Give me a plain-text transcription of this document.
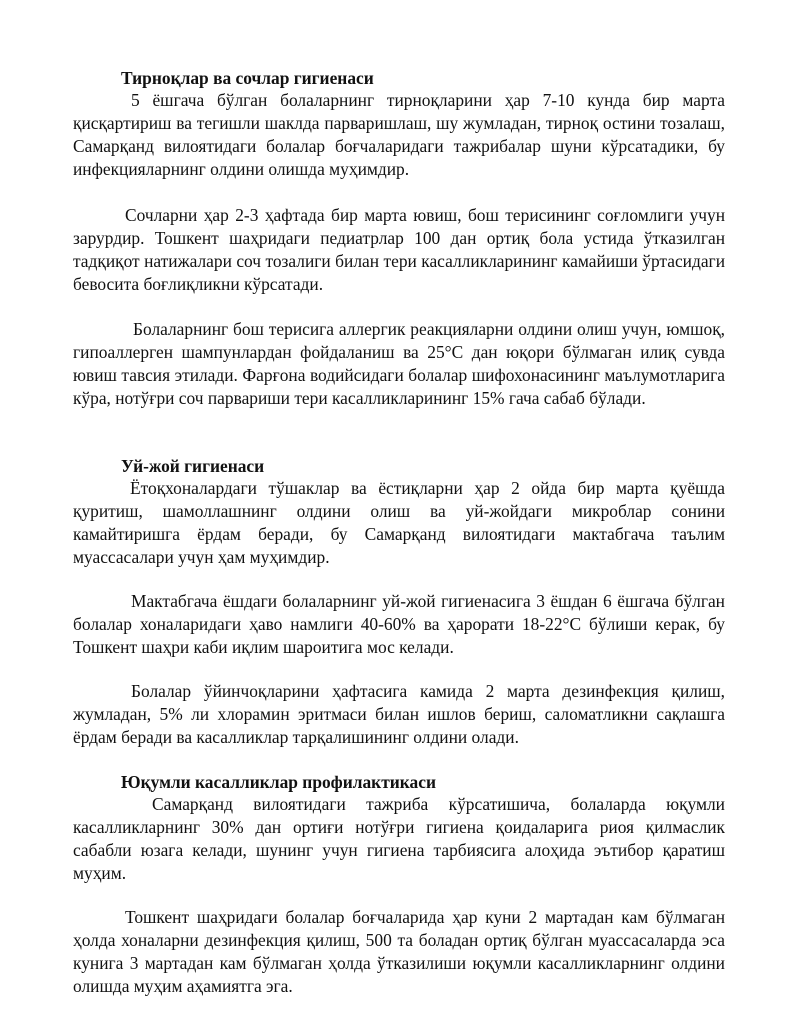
Тирноқлар ва сочлар гигиенаси

5 ёшгача бўлган болаларнинг тирноқларини ҳар 7-10 кунда бир марта қисқартириш ва тегишли шаклда парваришлаш, шу жумладан, тирноқ остини тозалаш, Самарқанд вилоятидаги болалар боғчаларидаги тажрибалар шуни кўрсатадики, бу инфекцияларнинг олдини олишда муҳимдир.

Сочларни ҳар 2-3 ҳафтада бир марта ювиш, бош терисининг соғломлиги учун зарурдир. Тошкент шаҳридаги педиатрлар 100 дан ортиқ бола устида ўтказилган тадқиқот натижалари соч тозалиги билан тери касалликларининг камайиши ўртасидаги бевосита боғлиқликни кўрсатади.

Болаларнинг бош терисига аллергик реакцияларни олдини олиш учун, юмшоқ, гипоаллерген шампунлардан фойдаланиш ва 25°C дан юқори бўлмаган илиқ сувда ювиш тавсия этилади. Фарғона водийсидаги болалар шифохонасининг маълумотларига кўра, нотўғри соч парвариши тери касалликларининг 15% гача сабаб бўлади.

Уй-жой гигиенаси

Ётоқхоналардаги тўшаклар ва ёстиқларни ҳар 2 ойда бир марта қуёшда қуритиш, шамоллашнинг олдини олиш ва уй-жойдаги микроблар сонини камайтиришга ёрдам беради, бу Самарқанд вилоятидаги мактабгача таълим муассасалари учун ҳам муҳимдир.

Мактабгача ёшдаги болаларнинг уй-жой гигиенасига 3 ёшдан 6 ёшгача бўлган болалар хоналаридаги ҳаво намлиги 40-60% ва ҳарорати 18-22°C бўлиши керак, бу Тошкент шаҳри каби иқлим шароитига мос келади.

Болалар ўйинчоқларини ҳафтасига камида 2 марта дезинфекция қилиш, жумладан, 5% ли хлорамин эритмаси билан ишлов бериш, саломатликни сақлашга ёрдам беради ва касалликлар тарқалишининг олдини олади.

Юқумли касалликлар профилактикаси

Самарқанд вилоятидаги тажриба кўрсатишича, болаларда юқумли касалликларнинг 30% дан ортиғи нотўғри гигиена қоидаларига риоя қилмаслик сабабли юзага келади, шунинг учун гигиена тарбиясига алоҳида эътибор қаратиш муҳим.

Тошкент шаҳридаги болалар боғчаларида ҳар куни 2 мартадан кам бўлмаган ҳолда хоналарни дезинфекция қилиш, 500 та боладан ортиқ бўлган муассасаларда эса кунига 3 мартадан кам бўлмаган ҳолда ўтказилиши юқумли касалликларнинг олдини олишда муҳим аҳамиятга эга.
